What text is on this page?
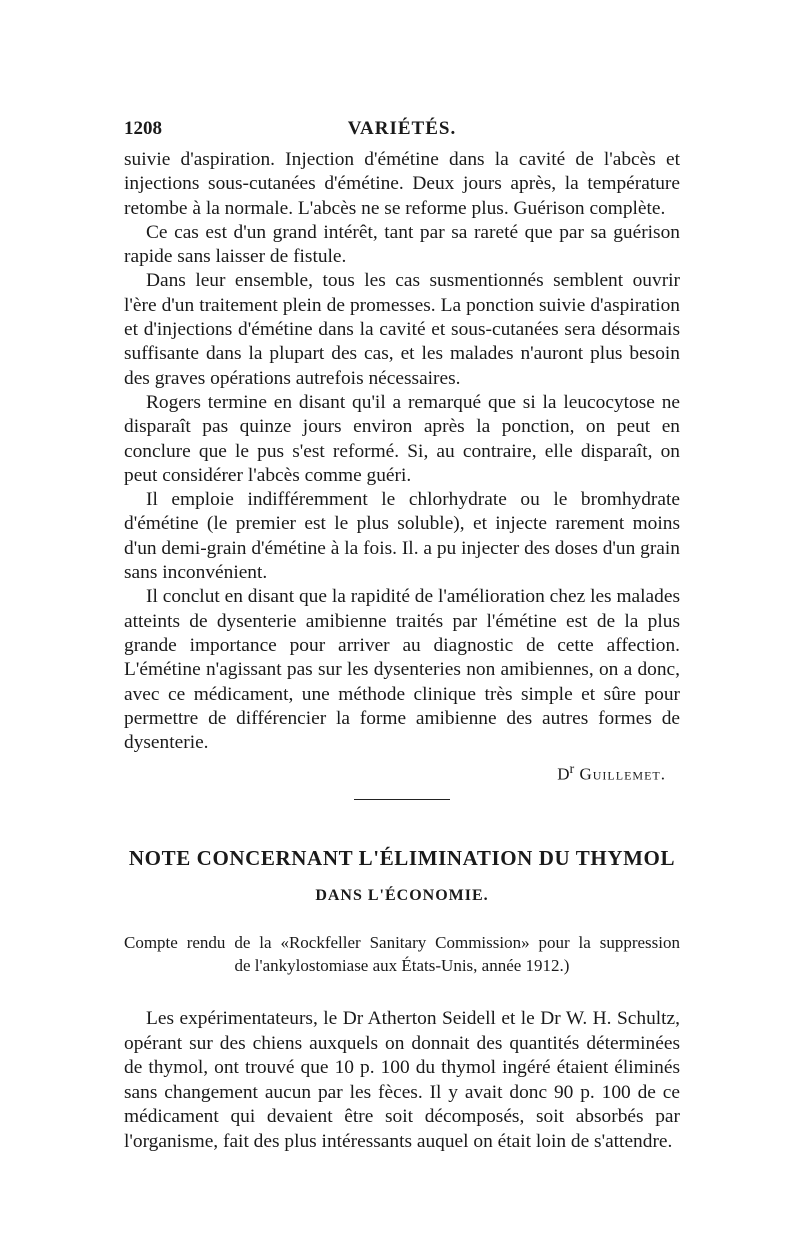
1208	VARIÉTÉS.

suivie d'aspiration. Injection d'émétine dans la cavité de l'abcès et injections sous-cutanées d'émétine. Deux jours après, la température retombe à la normale. L'abcès ne se reforme plus. Guérison complète.

Ce cas est d'un grand intérêt, tant par sa rareté que par sa guérison rapide sans laisser de fistule.

Dans leur ensemble, tous les cas susmentionnés semblent ouvrir l'ère d'un traitement plein de promesses. La ponction suivie d'aspiration et d'injections d'émétine dans la cavité et sous-cutanées sera désormais suffisante dans la plupart des cas, et les malades n'auront plus besoin des graves opérations autrefois nécessaires.

Rogers termine en disant qu'il a remarqué que si la leucocytose ne disparaît pas quinze jours environ après la ponction, on peut en conclure que le pus s'est reformé. Si, au contraire, elle disparaît, on peut considérer l'abcès comme guéri.

Il emploie indifféremment le chlorhydrate ou le bromhydrate d'émétine (le premier est le plus soluble), et injecte rarement moins d'un demi-grain d'émétine à la fois. Il. a pu injecter des doses d'un grain sans inconvénient.

Il conclut en disant que la rapidité de l'amélioration chez les malades atteints de dysenterie amibienne traités par l'émétine est de la plus grande importance pour arriver au diagnostic de cette affection. L'émétine n'agissant pas sur les dysenteries non amibiennes, on a donc, avec ce médicament, une méthode clinique très simple et sûre pour permettre de différencier la forme amibienne des autres formes de dysenterie.

$D^r$ Guillemet.
NOTE CONCERNANT L'ÉLIMINATION DU THYMOL
DANS L'ÉCONOMIE.
Compte rendu de la «Rockfeller Sanitary Commission» pour la suppression
de l'ankylostomiase aux États-Unis, année 1912.)

Les expérimentateurs, le Dr Atherton Seidell et le Dr W. H. Schultz, opérant sur des chiens auxquels on donnait des quantités déterminées de thymol, ont trouvé que 10 p. 100 du thymol ingéré étaient éliminés sans changement aucun par les fèces. Il y avait donc 90 p. 100 de ce médicament qui devaient être soit décomposés, soit absorbés par l'organisme, fait des plus intéressants auquel on était loin de s'attendre.
